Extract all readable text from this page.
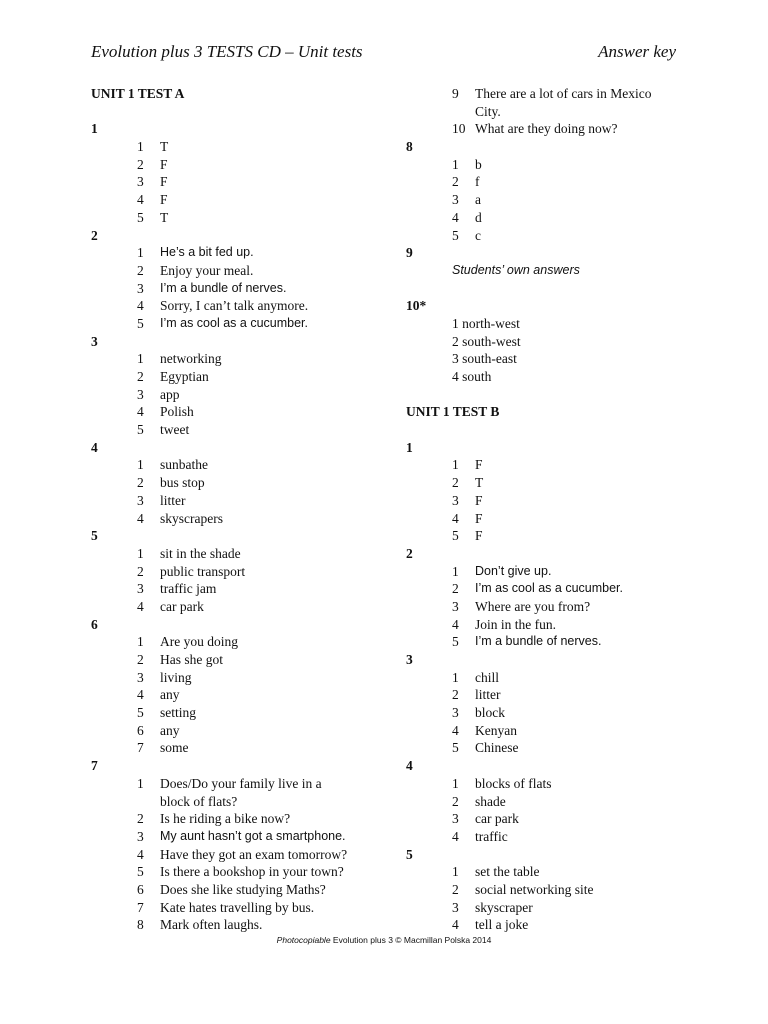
Evolution plus 3 TESTS CD – Unit tests	Answer key
UNIT 1 TEST A
1
1	T
2	F
3	F
4	F
5	T
2
1	He’s a bit fed up.
2	Enjoy your meal.
3	I’m a bundle of nerves.
4	Sorry, I can’t talk anymore.
5	I’m as cool as a cucumber.
3
1	networking
2	Egyptian
3	app
4	Polish
5	tweet
4
1	sunbathe
2	bus stop
3	litter
4	skyscrapers
5
1	sit in the shade
2	public transport
3	traffic jam
4	car park
6
1	Are you doing
2	Has she got
3	living
4	any
5	setting
6	any
7	some
7
1	Does/Do your family live in a
block of flats?
2	Is he riding a bike now?
3	My aunt hasn’t got a smartphone.
4	Have they got an exam tomorrow?
5	Is there a bookshop in your town?
6	Does she like studying Maths?
7	Kate hates travelling by bus.
8	Mark often laughs.
9	There are a lot of cars in Mexico
City.
10 What are they doing now?
8
1	b
2	f
3	a
4	d
5	c
9
Students’ own answers
10*
1 north-west
2 south-west
3 south-east
4 south
UNIT 1 TEST B
1
1	F
2	T
3	F
4	F
5	F
2
1	Don’t give up.
2	I’m as cool as a cucumber.
3	Where are you from?
4	Join in the fun.
5	I’m a bundle of nerves.
3
1	chill
2	litter
3	block
4	Kenyan
5	Chinese
4
1	blocks of flats
2	shade
3	car park
4	traffic
5
1	set the table
2	social networking site
3	skyscraper
4	tell a joke
Photocopiable Evolution plus 3 © Macmillan Polska 2014
